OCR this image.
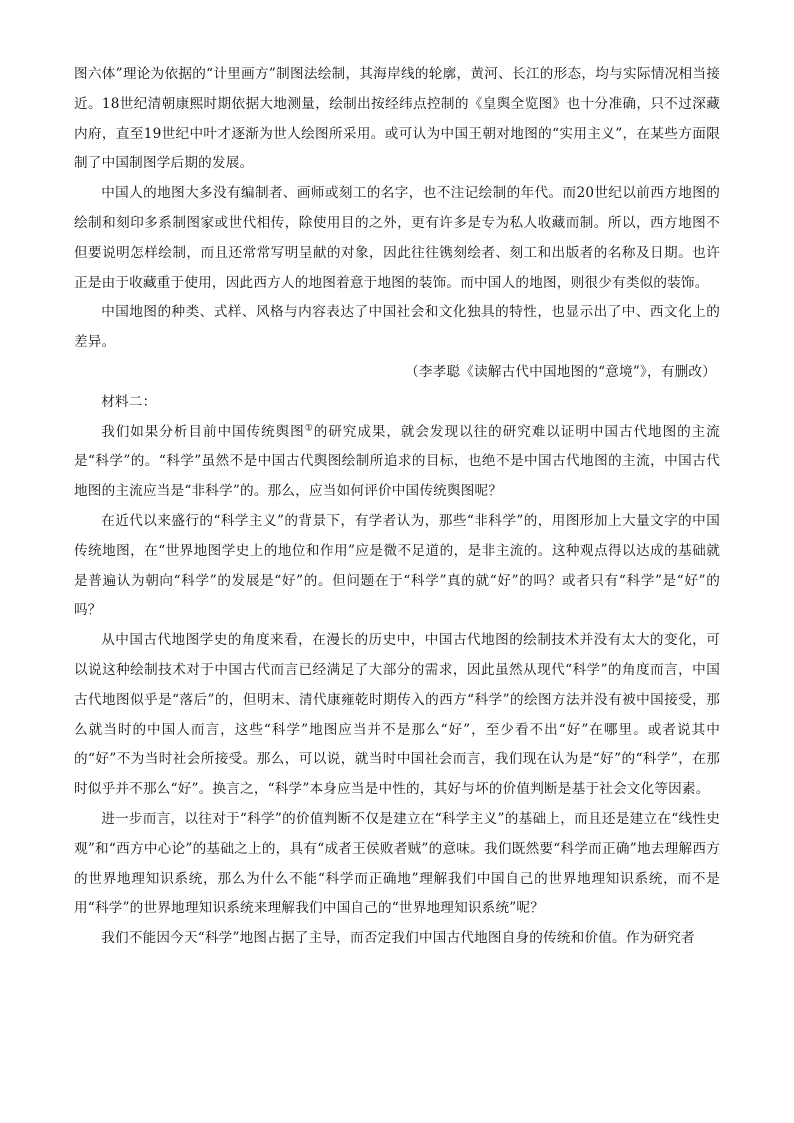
图六体”理论为依据的“计里画方”制图法绘制，其海岸线的轮廓，黄河、长江的形态，均与实际情况相当接近。18世纪清朝康熙时期依据大地测量，绘制出按经纬点控制的《皇舆全览图》也十分准确，只不过深藏内府，直至19世纪中叶才逐渐为世人绘图所采用。或可认为中国王朝对地图的“实用主义”，在某些方面限制了中国制图学后期的发展。

中国人的地图大多没有编制者、画师或刻工的名字，也不注记绘制的年代。而20世纪以前西方地图的绘制和刻印多系制图家或世代相传，除使用目的之外，更有许多是专为私人收藏而制。所以，西方地图不但要说明怎样绘制，而且还常常写明呈献的对象，因此往往镌刻绘者、刻工和出版者的名称及日期。也许正是由于收藏重于使用，因此西方人的地图着意于地图的装饰。而中国人的地图，则很少有类似的装饰。

中国地图的种类、式样、风格与内容表达了中国社会和文化独具的特性，也显示出了中、西文化上的差异。

（李孝聪《读解古代中国地图的“意境”》，有删改）

材料二：

我们如果分析目前中国传统舆图①的研究成果，就会发现以往的研究难以证明中国古代地图的主流是“科学”的。“科学”虽然不是中国古代舆图绘制所追求的目标，也绝不是中国古代地图的主流，中国古代地图的主流应当是“非科学”的。那么，应当如何评价中国传统舆图呢？

在近代以来盛行的“科学主义”的背景下，有学者认为，那些“非科学”的，用图形加上大量文字的中国传统地图，在“世界地图学史上的地位和作用”应是微不足道的，是非主流的。这种观点得以达成的基础就是普遍认为朝向“科学”的发展是“好”的。但问题在于“科学”真的就“好”的吗？或者只有“科学”是“好”的吗？

从中国古代地图学史的角度来看，在漫长的历史中，中国古代地图的绘制技术并没有太大的变化，可以说这种绘制技术对于中国古代而言已经满足了大部分的需求，因此虽然从现代“科学”的角度而言，中国古代地图似乎是“落后”的，但明末、清代康雍乾时期传入的西方“科学”的绘图方法并没有被中国接受，那么就当时的中国人而言，这些“科学”地图应当并不是那么“好”，至少看不出“好”在哪里。或者说其中的“好”不为当时社会所接受。那么，可以说，就当时中国社会而言，我们现在认为是“好”的“科学”，在那时似乎并不那么“好”。换言之，“科学”本身应当是中性的，其好与坏的价值判断是基于社会文化等因素。

进一步而言，以往对于“科学”的价值判断不仅是建立在“科学主义”的基础上，而且还是建立在“线性史观”和“西方中心论”的基础之上的，具有“成者王侯败者贼”的意味。我们既然要“科学而正确”地去理解西方的世界地理知识系统，那么为什么不能“科学而正确地”理解我们中国自己的世界地理知识系统，而不是用“科学”的世界地理知识系统来理解我们中国自己的“世界地理知识系统”呢？

我们不能因今天“科学”地图占据了主导，而否定我们中国古代地图自身的传统和价值。作为研究者
